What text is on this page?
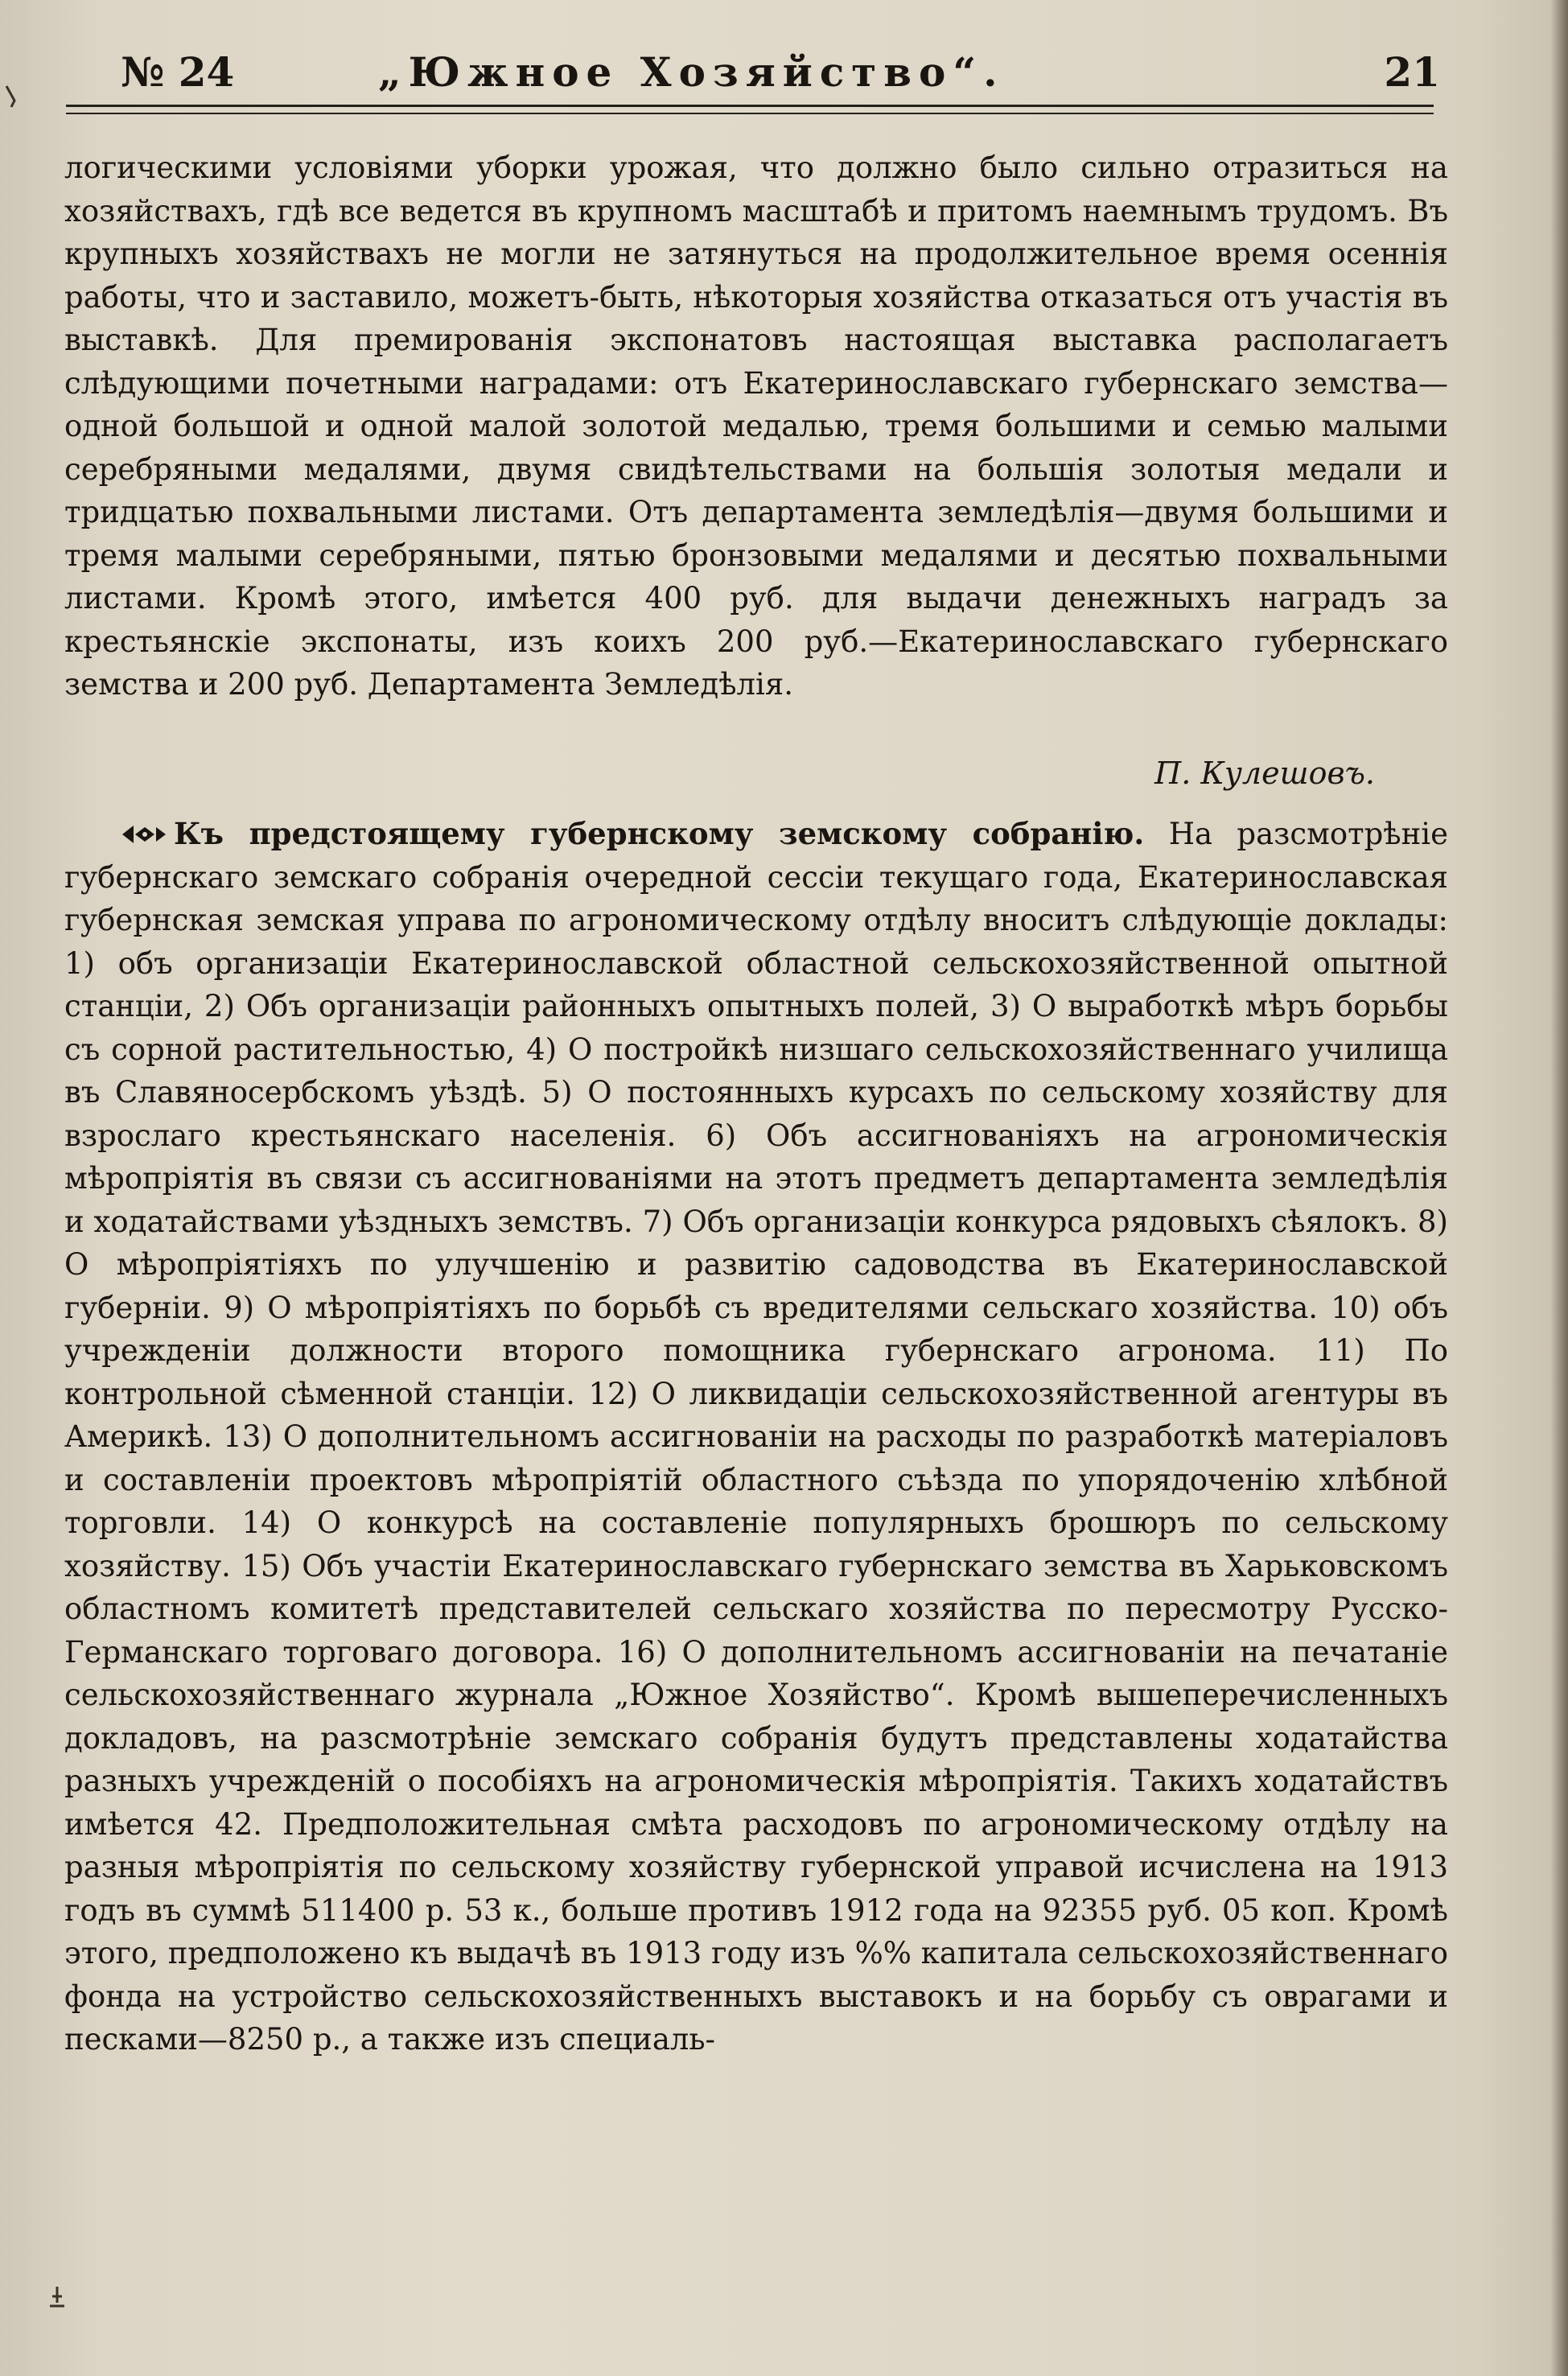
№ 24	„Южное Хозяйство“.	21

логическими условіями уборки урожая, что должно было сильно отразиться на хозяйствахъ, гдѣ все ведется въ крупномъ масштабѣ и притомъ наемнымъ трудомъ. Въ крупныхъ хозяйствахъ не могли не затянуться на продолжительное время осеннія работы, что и заставило, можетъ-быть, нѣкоторыя хозяйства отказаться отъ участія въ выставкѣ. Для премированія экспонатовъ настоящая выставка располагаетъ слѣдующими почетными наградами: отъ Екатеринославскаго губернскаго земства—одной большой и одной малой золотой медалью, тремя большими и семью малыми серебряными медалями, двумя свидѣтельствами на большія золотыя медали и тридцатью похвальными листами. Отъ департамента земледѣлія—двумя большими и тремя малыми серебряными, пятью бронзовыми медалями и десятью похвальными листами. Кромѣ этого, имѣется 400 руб. для выдачи денежныхъ наградъ за крестьянскіе экспонаты, изъ коихъ 200 руб.—Екатеринославскаго губернскаго земства и 200 руб. Департамента Земледѣлія.

П. Кулешовъ.

Къ предстоящему губернскому земскому собранію. На разсмотрѣніе губернскаго земскаго собранія очередной сессіи текущаго года, Екатеринославская губернская земская управа по агрономическому отдѣлу вноситъ слѣдующіе доклады: 1) объ организаціи Екатеринославской областной сельскохозяйственной опытной станціи, 2) Объ организаціи районныхъ опытныхъ полей, 3) О выработкѣ мѣръ борьбы съ сорной растительностью, 4) О постройкѣ низшаго сельскохозяйственнаго училища въ Славяносербскомъ уѣздѣ. 5) О постоянныхъ курсахъ по сельскому хозяйству для взрослаго крестьянскаго населенія. 6) Объ ассигнованіяхъ на агрономическія мѣропріятія въ связи съ ассигнованіями на этотъ предметъ департамента земледѣлія и ходатайствами уѣздныхъ земствъ. 7) Объ организаціи конкурса рядовыхъ сѣялокъ. 8) О мѣропріятіяхъ по улучшенію и развитію садоводства въ Екатеринославской губерніи. 9) О мѣропріятіяхъ по борьбѣ съ вредителями сельскаго хозяйства. 10) объ учрежденіи должности второго помощника губернскаго агронома. 11) По контрольной сѣменной станціи. 12) О ликвидаціи сельскохозяйственной агентуры въ Америкѣ. 13) О дополнительномъ ассигнованіи на расходы по разработкѣ матеріаловъ и составленіи проектовъ мѣропріятій областного съѣзда по упорядоченію хлѣбной торговли. 14) О конкурсѣ на составленіе популярныхъ брошюръ по сельскому хозяйству. 15) Объ участіи Екатеринославскаго губернскаго земства въ Харьковскомъ областномъ комитетѣ представителей сельскаго хозяйства по пересмотру Русско-Германскаго торговаго договора. 16) О дополнительномъ ассигнованіи на печатаніе сельскохозяйственнаго журнала „Южное Хозяйство“. Кромѣ вышеперечисленныхъ докладовъ, на разсмотрѣніе земскаго собранія будутъ представлены ходатайства разныхъ учрежденій о пособіяхъ на агрономическія мѣропріятія. Такихъ ходатайствъ имѣется 42. Предположительная смѣта расходовъ по агрономическому отдѣлу на разныя мѣропріятія по сельскому хозяйству губернской управой исчислена на 1913 годъ въ суммѣ 511400 р. 53 к., больше противъ 1912 года на 92355 руб. 05 коп. Кромѣ этого, предположено къ выдачѣ въ 1913 году изъ %% капитала сельскохозяйственнаго фонда на устройство сельскохозяйственныхъ выставокъ и на борьбу съ оврагами и песками—8250 р., а также изъ специаль-
